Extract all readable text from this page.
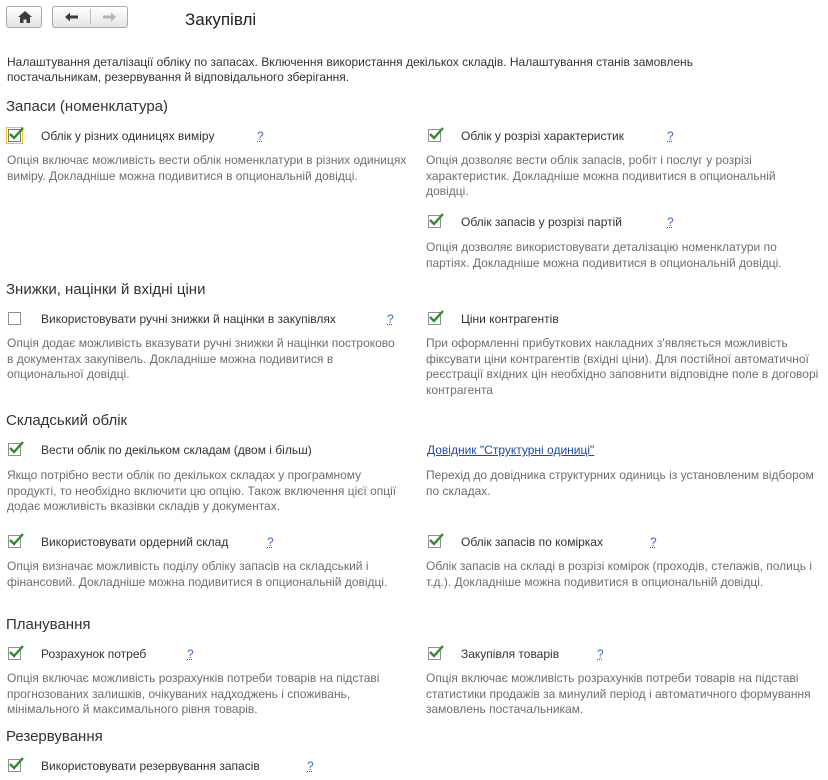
Закупівлі
Налаштування деталізації обліку по запасах. Включення використання декількох складів. Налаштування станів замовлень постачальникам, резервування й відповідального зберігання.
Запаси (номенклатура)
Облік у різних одиницях виміру	?
Опція включає можливість вести облік номенклатури в різних одиницях виміру. Докладніше можна подивитися в опциональній довідці.
Облік у розрізі характеристик	?
Опція дозволяє вести облік запасів, робіт і послуг у розрізі характеристик. Докладніше можна подивитися в опциональній довідці.
Облік запасів у розрізі партій	?
Опція дозволяє використовувати деталізацію номенклатури по партіях. Докладніше можна подивитися в опциональній довідці.
Знижки, націнки й вхідні ціни
Використовувати ручні знижки й націнки в закупівлях	?
Опція додає можливість вказувати ручні знижки й націнки построково в документах закупівель. Докладніше можна подивитися в опциональної довідці.
Ціни контрагентів
При оформленні прибуткових накладних з'являється можливість фіксувати ціни контрагентів (вхідні ціни). Для постійної автоматичної реєстрації вхідних цін необхідно заповнити відповідне поле в договорі контрагента
Складський облік
Вести облік по декільком складам (двом і більш)
Якщо потрібно вести облік по декількох складах у програмному продукті, то необхідно включити цю опцію. Також включення цієї опції додає можливість вказівки складів у документах.
Довідник "Структурні одиниці"
Перехід до довідника структурних одиниць із установленим відбором по складах.
Використовувати ордерний склад	?
Опція визначає можливість поділу обліку запасів на складський і фінансовий. Докладніше можна подивитися в опциональній довідці.
Облік запасів по комірках	?
Облік запасів на складі в розрізі комірок (проходів, стелажів, полиць і т.д.). Докладніше можна подивитися в опциональній довідці.
Планування
Розрахунок потреб	?
Опція включає можливість розрахунків потреби товарів на підставі прогнозованих залишків, очікуваних надходжень і споживань, мінімального й максимального рівня товарів.
Закупівля товарів	?
Опція включає можливість розрахунків потреби товарів на підставі статистики продажів за минулий період і автоматичного формування замовлень постачальникам.
Резервування
Використовувати резервування запасів	?
